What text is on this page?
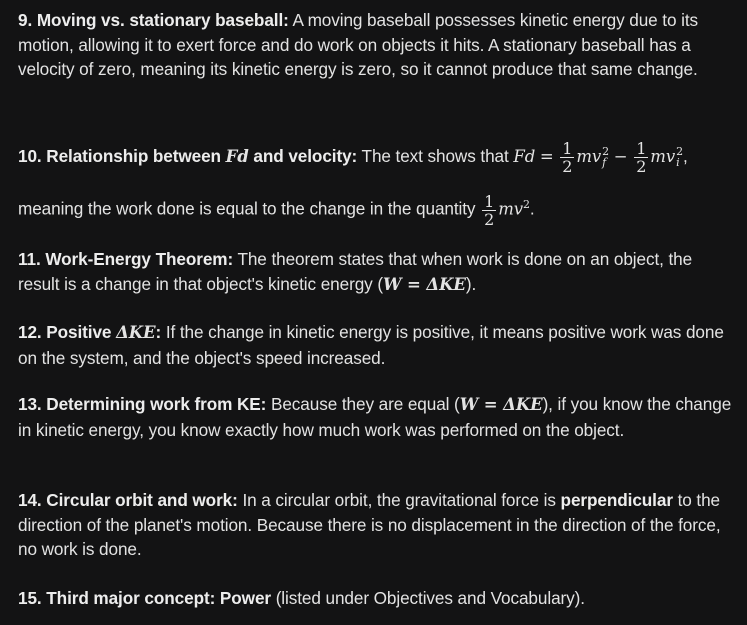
9. Moving vs. stationary baseball: A moving baseball possesses kinetic energy due to its motion, allowing it to exert force and do work on objects it hits. A stationary baseball has a velocity of zero, meaning its kinetic energy is zero, so it cannot produce that same change.
10. Relationship between Fd and velocity: The text shows that $Fd = \frac{1}{2}$ mv 2
$f - \frac{1}{2}$ mv 2
i ,
meaning the work done is equal to the change in the quantity $\frac{1}{2} mv^2$.
11. Work-Energy Theorem: The theorem states that when work is done on an object, the result is a change in that object's kinetic energy (W = ΔKE).
12. Positive ΔKE: If the change in kinetic energy is positive, it means positive work was done on the system, and the object's speed increased.
13. Determining work from KE: Because they are equal (W = ΔKE), if you know the change in kinetic energy, you know exactly how much work was performed on the object.
14. Circular orbit and work: In a circular orbit, the gravitational force is perpendicular to the direction of the planet's motion. Because there is no displacement in the direction of the force, no work is done.
15. Third major concept: Power (listed under Objectives and Vocabulary).
